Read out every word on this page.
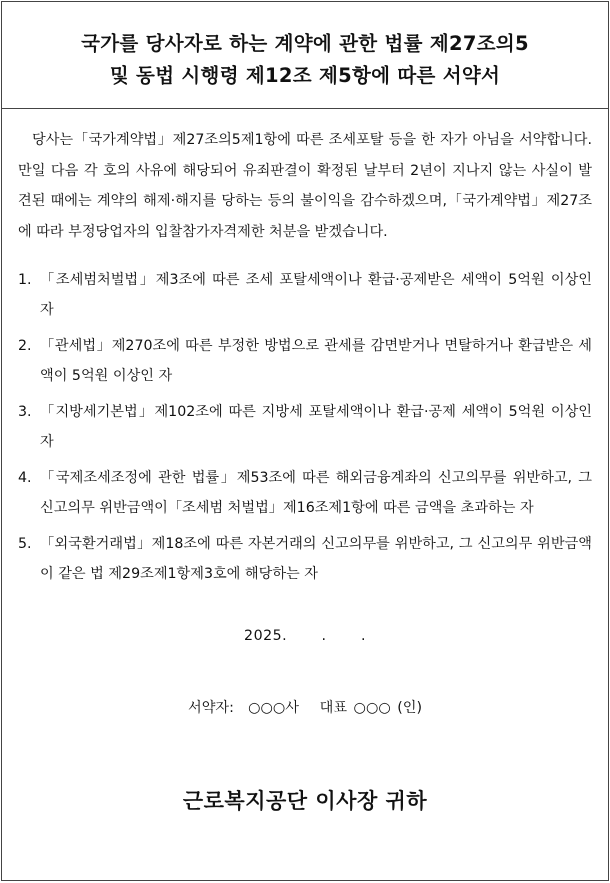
국가를 당사자로 하는 계약에 관한 법률 제27조의5
및 동법 시행령 제12조 제5항에 따른 서약서

당사는「국가계약법」제27조의5제1항에 따른 조세포탈 등을 한 자가 아님을 서약합니다. 만일 다음 각 호의 사유에 해당되어 유죄판결이 확정된 날부터 2년이 지나지 않는 사실이 발견된 때에는 계약의 해제·해지를 당하는 등의 불이익을 감수하겠으며,「국가계약법」제27조에 따라 부정당업자의 입찰참가자격제한 처분을 받겠습니다.

1. 「조세범처벌법」제3조에 따른 조세 포탈세액이나 환급·공제받은 세액이 5억원 이상인 자
2. 「관세법」제270조에 따른 부정한 방법으로 관세를 감면받거나 면탈하거나 환급받은 세액이 5억원 이상인 자
3. 「지방세기본법」제102조에 따른 지방세 포탈세액이나 환급·공제 세액이 5억원 이상인 자
4. 「국제조세조정에 관한 법률」제53조에 따른 해외금융계좌의 신고의무를 위반하고, 그 신고의무 위반금액이「조세범 처벌법」제16조제1항에 따른 금액을 초과하는 자
5. 「외국환거래법」제18조에 따른 자본거래의 신고의무를 위반하고, 그 신고의무 위반금액이 같은 법 제29조제1항제3호에 해당하는 자
2025.　　 .　　 .
서약자:　○○○사　 대표 ○○○ (인)
근로복지공단 이사장 귀하
